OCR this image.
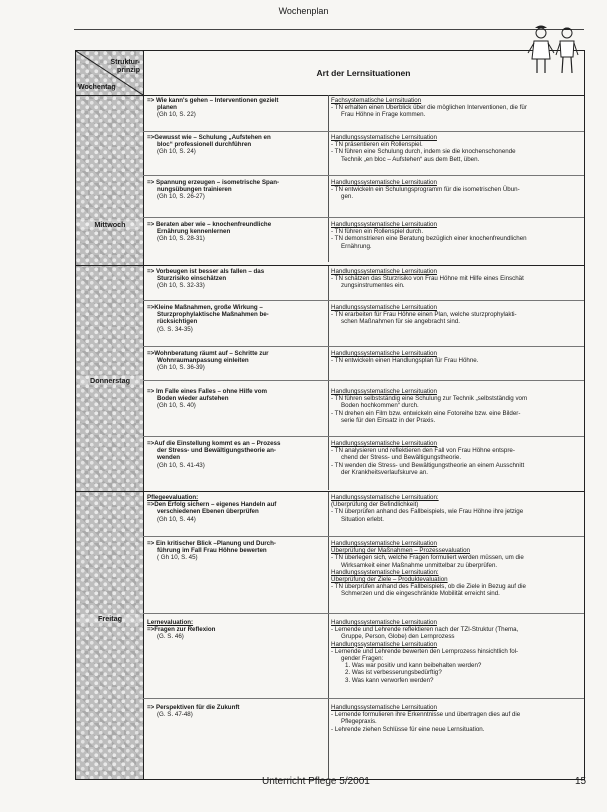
Wochenplan
Struktur-
prinzip
Wochentag
Art der Lernsituationen
Mittwoch
=> Wie kann's gehen – Interventionen gezielt
planen
(Gh 10, S. 22)
Fachsystematische Lernsituation
- TN erhalten einen Überblick über die möglichen Interventionen, die für
Frau Höhne in Frage kommen.
=>Gewusst wie – Schulung „Aufstehen en
bloc“ professionell durchführen
(Gh 10, S. 24)
Handlungssystematische Lernsituation
- TN präsentieren ein Rollenspiel.
- TN führen eine Schulung durch, indem sie die knochenschonende
Technik „en bloc – Aufstehen“ aus dem Bett, üben.
=> Spannung erzeugen – isometrische Span-
nungsübungen trainieren
(Gh 10, S. 26-27)
Handlungssystematische Lernsituation
- TN entwickeln ein Schulungsprogramm für die isometrischen Übun-
gen.
=> Beraten aber wie – knochenfreundliche
Ernährung kennenlernen
(Gh 10, S. 28-31)
Handlungssystematische Lernsituation
- TN führen ein Rollenspiel durch.
- TN demonstrieren eine Beratung bezüglich einer knochenfreundlichen
Ernährung.
Donnerstag
=> Vorbeugen ist besser als fallen – das
Sturzrisiko einschätzen
(Gh 10, S. 32-33)
Handlungssystematische Lernsituation
- TN schätzen das Sturzrisiko von Frau Höhne mit Hilfe eines Einschät
zungsinstrumentes ein.
=>Kleine Maßnahmen, große Wirkung –
Sturzprophylaktische Maßnahmen be-
rücksichtigen
(G. S. 34-35)
Handlungssystematische Lernsituation
- TN erarbeiten für Frau Höhne einen Plan, welche sturzprophylakti-
schen Maßnahmen für sie angebracht sind.
=>Wohnberatung räumt auf – Schritte zur
Wohnraumanpassung einleiten
(Gh 10, S. 36-39)
Handlungssystematische Lernsituation
- TN entwickeln einen Handlungsplan für Frau Höhne.
=> Im Falle eines Falles – ohne Hilfe vom
Boden wieder aufstehen
(Gh 10, S. 40)
Handlungssystematische Lernsituation
- TN führen selbstständig eine Schulung zur Technik „selbstständig vom
Boden hochkommen“ durch.
- TN drehen ein Film bzw. entwickeln eine Fotoreihe bzw. eine Bilder-
serie für den Einsatz in der Praxis.
=>Auf die Einstellung kommt es an – Prozess
der Stress- und Bewältigungstheorie an-
wenden
(Gh 10, S. 41-43)
Handlungssystematische Lernsituation
- TN analysieren und reflektieren den Fall von Frau Höhne entspre-
chend der Stress- und Bewältigungstheorie.
- TN wenden die Stress- und Bewältigungstheorie an einem Ausschnitt
der Krankheitsverlaufskurve an.
Freitag
Pflegeevaluation:
=>Den Erfolg sichern – eigenes Handeln auf
verschiedenen Ebenen überprüfen
(Gh 10, S. 44)
Handlungssystematische Lernsituation:
(Überprüfung der Befindlichkeit)
- TN überprüfen anhand des Fallbeispiels, wie Frau Höhne ihre jetzige
Situation erlebt.
=> Ein kritischer Blick –Planung und Durch-
führung im Fall Frau Höhne bewerten
( Gh 10, S. 45)
Handlungssystematische Lernsituation
Überprüfung der Maßnahmen – Prozessevaluation
- TN überlegen sich, welche Fragen formuliert werden müssen, um die
Wirksamkeit einer Maßnahme unmittelbar zu überprüfen.
Handlungssystematische Lernsituation:
Überprüfung der Ziele – Produktevaluation
- TN überprüfen anhand des Fallbeispiels, ob die Ziele in Bezug auf die
Schmerzen und die eingeschränkte Mobilität erreicht sind.
Lernevaluation:
=>Fragen zur Reflexion
(G. S. 46)
Handlungssystematische Lernsituation
- Lernende und Lehrende reflektieren nach der TZI-Struktur (Thema,
Gruppe, Person, Globe) den Lernprozess
Handlungssystematische Lernsituation
- Lernende und Lehrende bewerten den Lernprozess hinsichtlich fol-
gender Fragen:
1. Was war positiv und kann beibehalten werden?
2. Was ist verbesserungsbedürftig?
3. Was kann verworfen werden?
=> Perspektiven für die Zukunft
(G. S. 47-48)
Handlungssystematische Lernsituation
- Lernende formulieren ihre Erkenntnisse und übertragen dies auf die
Pflegepraxis.
- Lehrende ziehen Schlüsse für eine neue Lernsituation.
Unterricht Pflege 5/2001	15
